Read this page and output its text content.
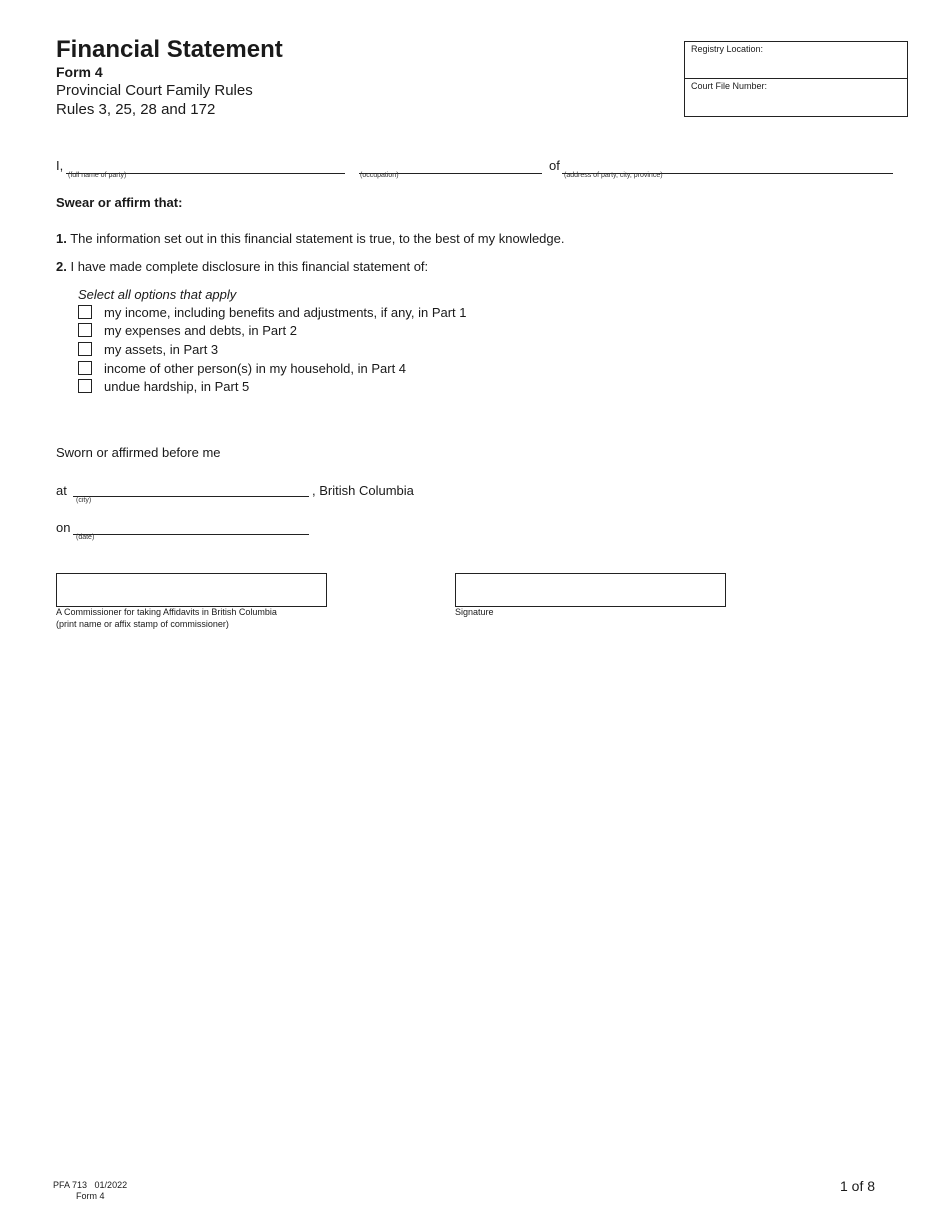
Financial Statement
Form 4
Provincial Court Family Rules
Rules 3, 25, 28 and 172
Registry Location:
Court File Number:
I,
(full name of party)	(occupation)
of
(address of party, city, province)
Swear or affirm that:
1. The information set out in this financial statement is true, to the best of my knowledge.
2. I have made complete disclosure in this financial statement of:
Select all options that apply
my income, including benefits and adjustments, if any, in Part 1
my expenses and debts, in Part 2
my assets, in Part 3
income of other person(s) in my household, in Part 4
undue hardship, in Part 5
Sworn or affirmed before me
at
(city)
, British Columbia
on
(date)
A Commissioner for taking Affidavits in British Columbia
(print name or affix stamp of commissioner)
Signature
PFA 713 01/2022
Form 4
1 of 8
